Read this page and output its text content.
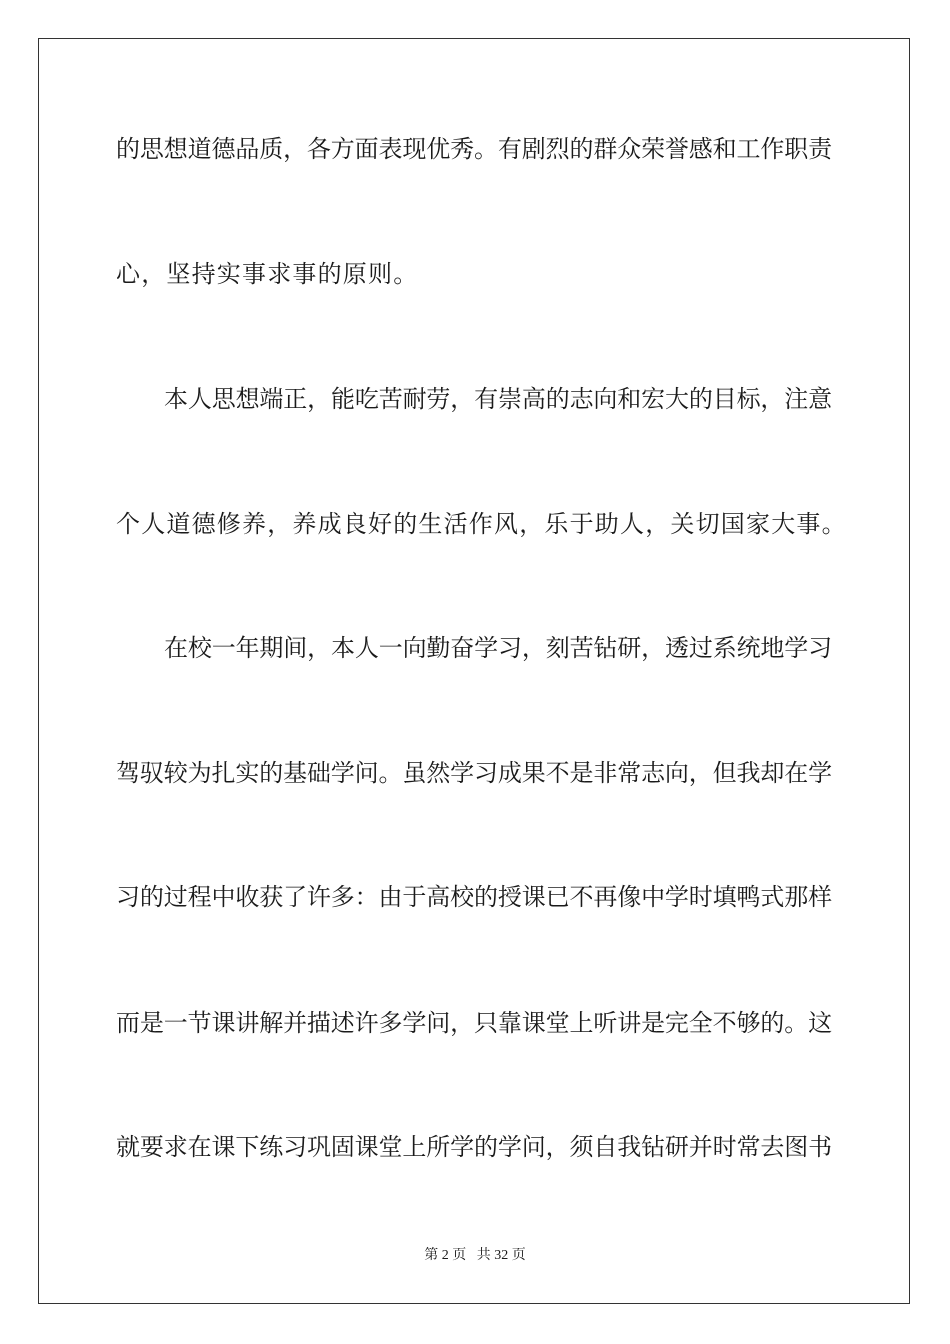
的思想道德品质，各方面表现优秀。有剧烈的群众荣誉感和工作职责
心，坚持实事求事的原则。
本人思想端正，能吃苦耐劳，有崇高的志向和宏大的目标，注意
个人道德修养，养成良好的生活作风，乐于助人，关切国家大事。
在校一年期间，本人一向勤奋学习，刻苦钻研，透过系统地学习
驾驭较为扎实的基础学问。虽然学习成果不是非常志向，但我却在学
习的过程中收获了许多：由于高校的授课已不再像中学时填鸭式那样
而是一节课讲解并描述许多学问，只靠课堂上听讲是完全不够的。这
就要求在课下练习巩固课堂上所学的学问，须自我钻研并时常去图书
第 2 页 共 32 页
